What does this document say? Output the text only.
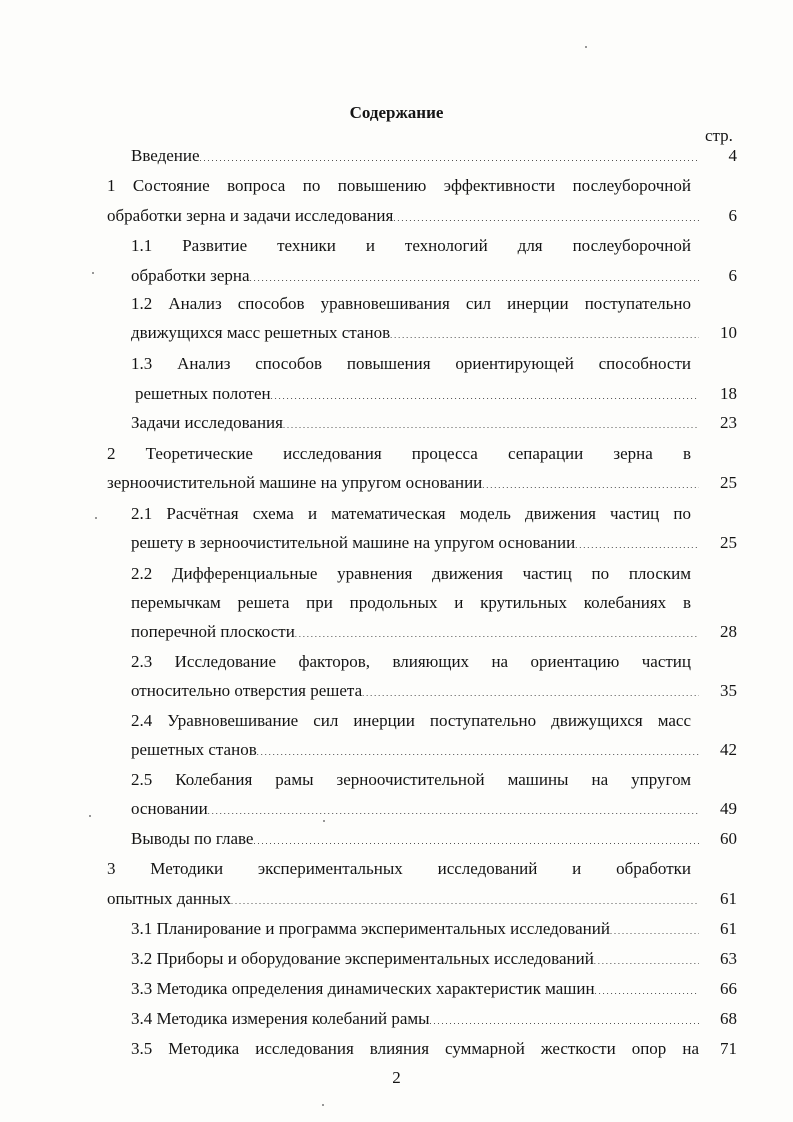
Содержание
стр.
Введение . . .	4
1 Состояние вопроса по повышению эффективности послеуборочной
обработки зерна и задачи исследования . . .	6
1.1 Развитие техники и технологий для послеуборочной
обработки зерна . . .	6
1.2 Анализ способов уравновешивания сил инерции поступательно
движущихся масс решетных станов . . .	10
1.3 Анализ способов повышения ориентирующей способности
решетных полотен . . .	18
Задачи исследования . . .	23
2 Теоретические исследования процесса сепарации зерна в
зерноочистительной машине на упругом основании . . .	25
2.1 Расчётная схема и математическая модель движения частиц по
решету в зерноочистительной машине на упругом основании . . .	25
2.2 Дифференциальные уравнения движения частиц по плоским
перемычкам решета при продольных и крутильных колебаниях в
поперечной плоскости . . .	28
2.3 Исследование факторов, влияющих на ориентацию частиц
относительно отверстия решета . . .	35
2.4 Уравновешивание сил инерции поступательно движущихся масс
решетных станов . . .	42
2.5 Колебания рамы зерноочистительной машины на упругом
основании . . .	49
Выводы по главе . . .	60
3 Методики экспериментальных исследований и обработки
опытных данных . . .	61
3.1 Планирование и программа экспериментальных исследований . . .	61
3.2 Приборы и оборудование экспериментальных исследований . . .	63
3.3 Методика определения динамических характеристик машин . . .	66
3.4 Методика измерения колебаний рамы . . .	68
3.5 Методика исследования влияния суммарной жесткости опор на 71
2
